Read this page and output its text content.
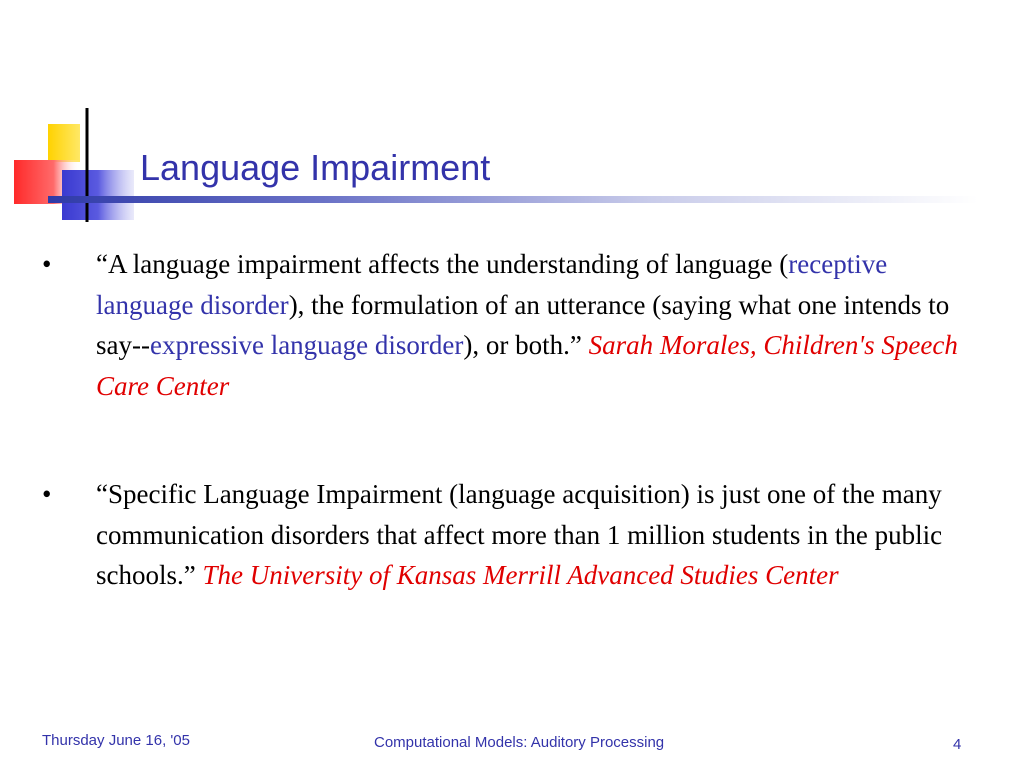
Language Impairment
• “A language impairment affects the understanding of language (receptive language disorder), the formulation of an utterance (saying what one intends to say--expressive language disorder), or both.” Sarah Morales, Children's Speech Care Center
• “Specific Language Impairment (language acquisition) is just one of the many communication disorders that affect more than 1 million students in the public schools.” The University of Kansas Merrill Advanced Studies Center
Thursday June 16, '05	Computational Models: Auditory Processing	4
